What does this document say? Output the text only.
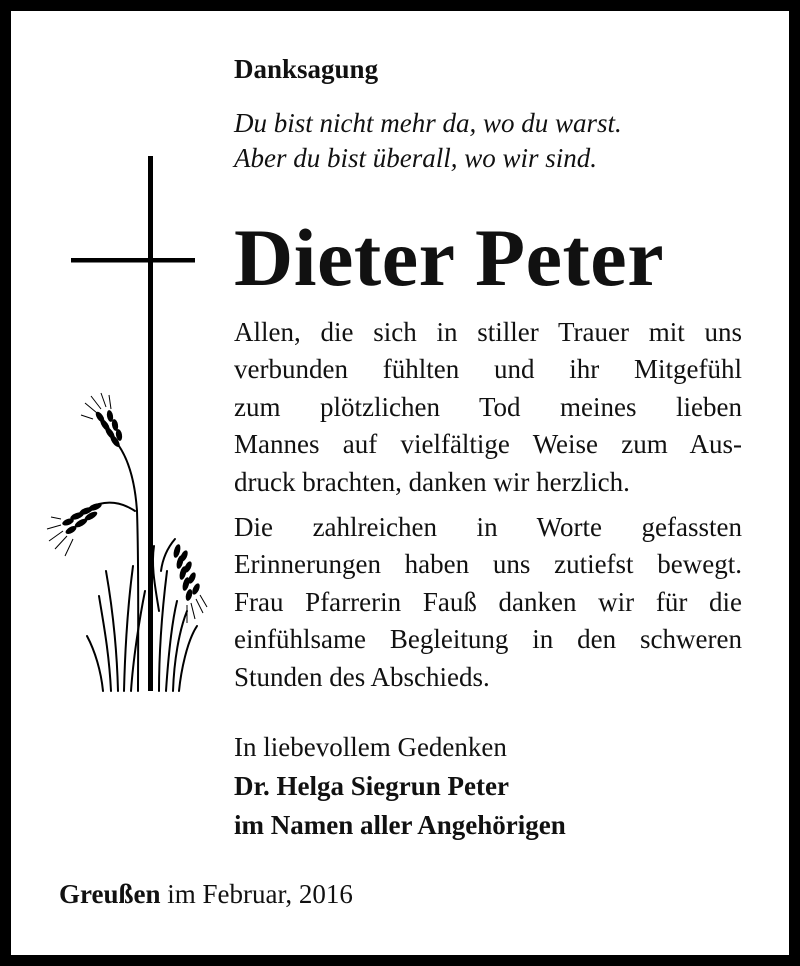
Danksagung
Du bist nicht mehr da, wo du warst.
Aber du bist überall, wo wir sind.
Dieter Peter
Allen, die sich in stiller Trauer mit uns
verbunden fühlten und ihr Mitgefühl
zum plötzlichen Tod meines lieben
Mannes auf vielfältige Weise zum Aus-
druck brachten, danken wir herzlich.
Die zahlreichen in Worte gefassten
Erinnerungen haben uns zutiefst bewegt.
Frau Pfarrerin Fauß danken wir für die
einfühlsame Begleitung in den schweren
Stunden des Abschieds.
In liebevollem Gedenken
Dr. Helga Siegrun Peter
im Namen aller Angehörigen
Greußen im Februar, 2016
